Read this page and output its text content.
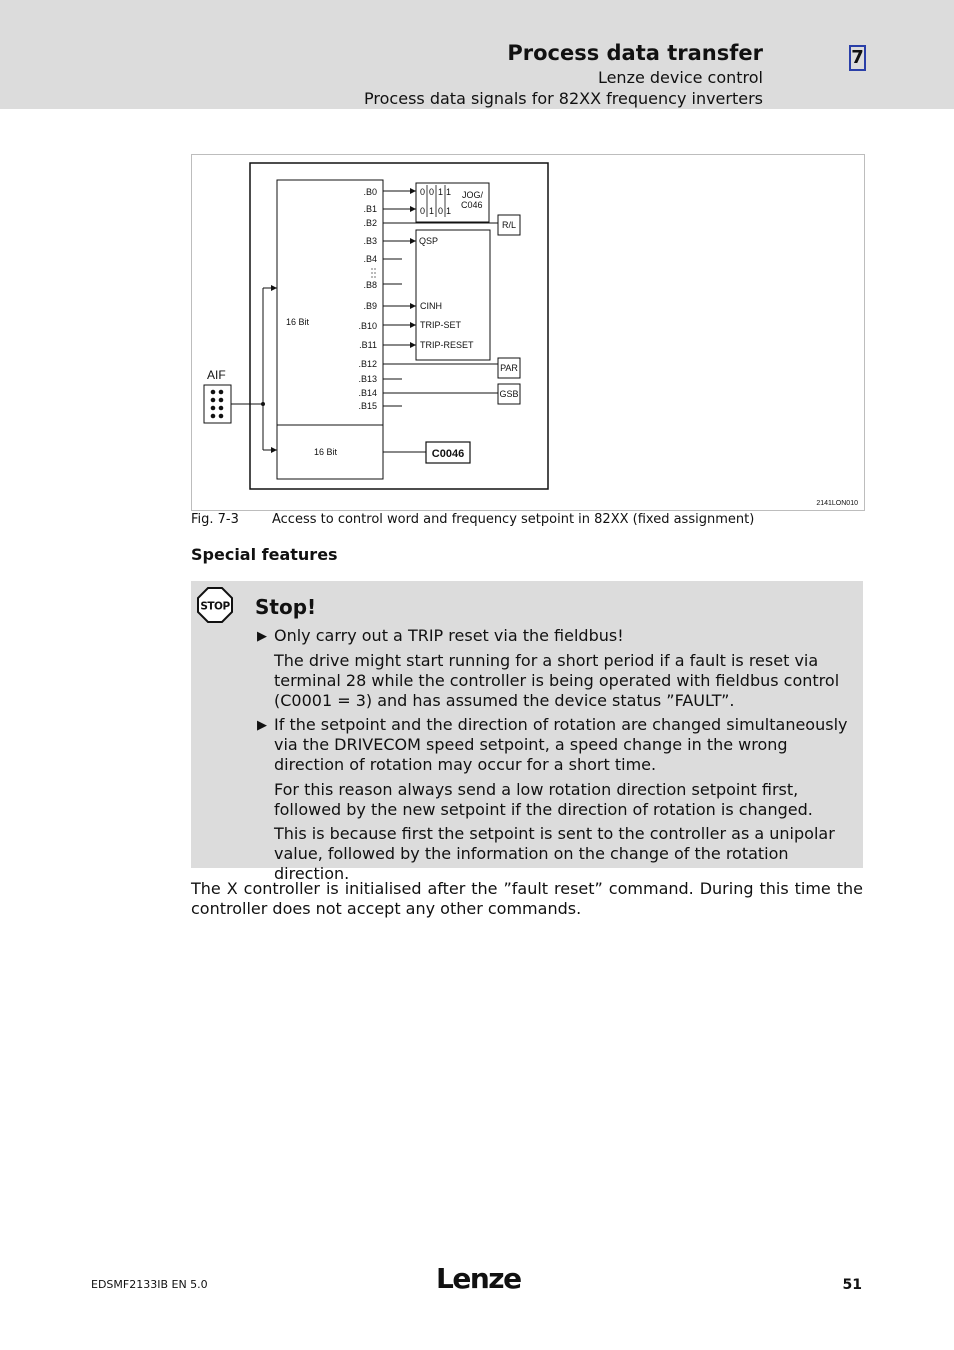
Process data transfer
Lenze device control
Process data signals for 82XX frequency inverters
7
16 Bit
16 Bit
AIF
.B0
.B1
.B2
.B3
.B4
.B8
.B9
.B10
.B11
.B12
.B13
.B14
.B15
0 0 1 1
0 1 0 1
JOG/
C046
R/L
QSP
CINH
TRIP-SET
TRIP-RESET
PAR
GSB
C0046
2141LON010
Fig. 7-3	Access to control word and frequency setpoint in 82XX (fixed assignment)
Special features
STOP Stop!
▶ Only carry out a TRIP reset via the fieldbus!
The drive might start running for a short period if a fault is reset via terminal 28 while the controller is being operated with fieldbus control (C0001 = 3) and has assumed the device status ”FAULT”.
▶ If the setpoint and the direction of rotation are changed simultaneously via the DRIVECOM speed setpoint, a speed change in the wrong direction of rotation may occur for a short time.
For this reason always send a low rotation direction setpoint first, followed by the new setpoint if the direction of rotation is changed.
This is because first the setpoint is sent to the controller as a unipolar value, followed by the information on the change of the rotation direction.
The X controller is initialised after the ”fault reset” command. During this time the controller does not accept any other commands.
EDSMF2133IB EN 5.0	Lenze	51
